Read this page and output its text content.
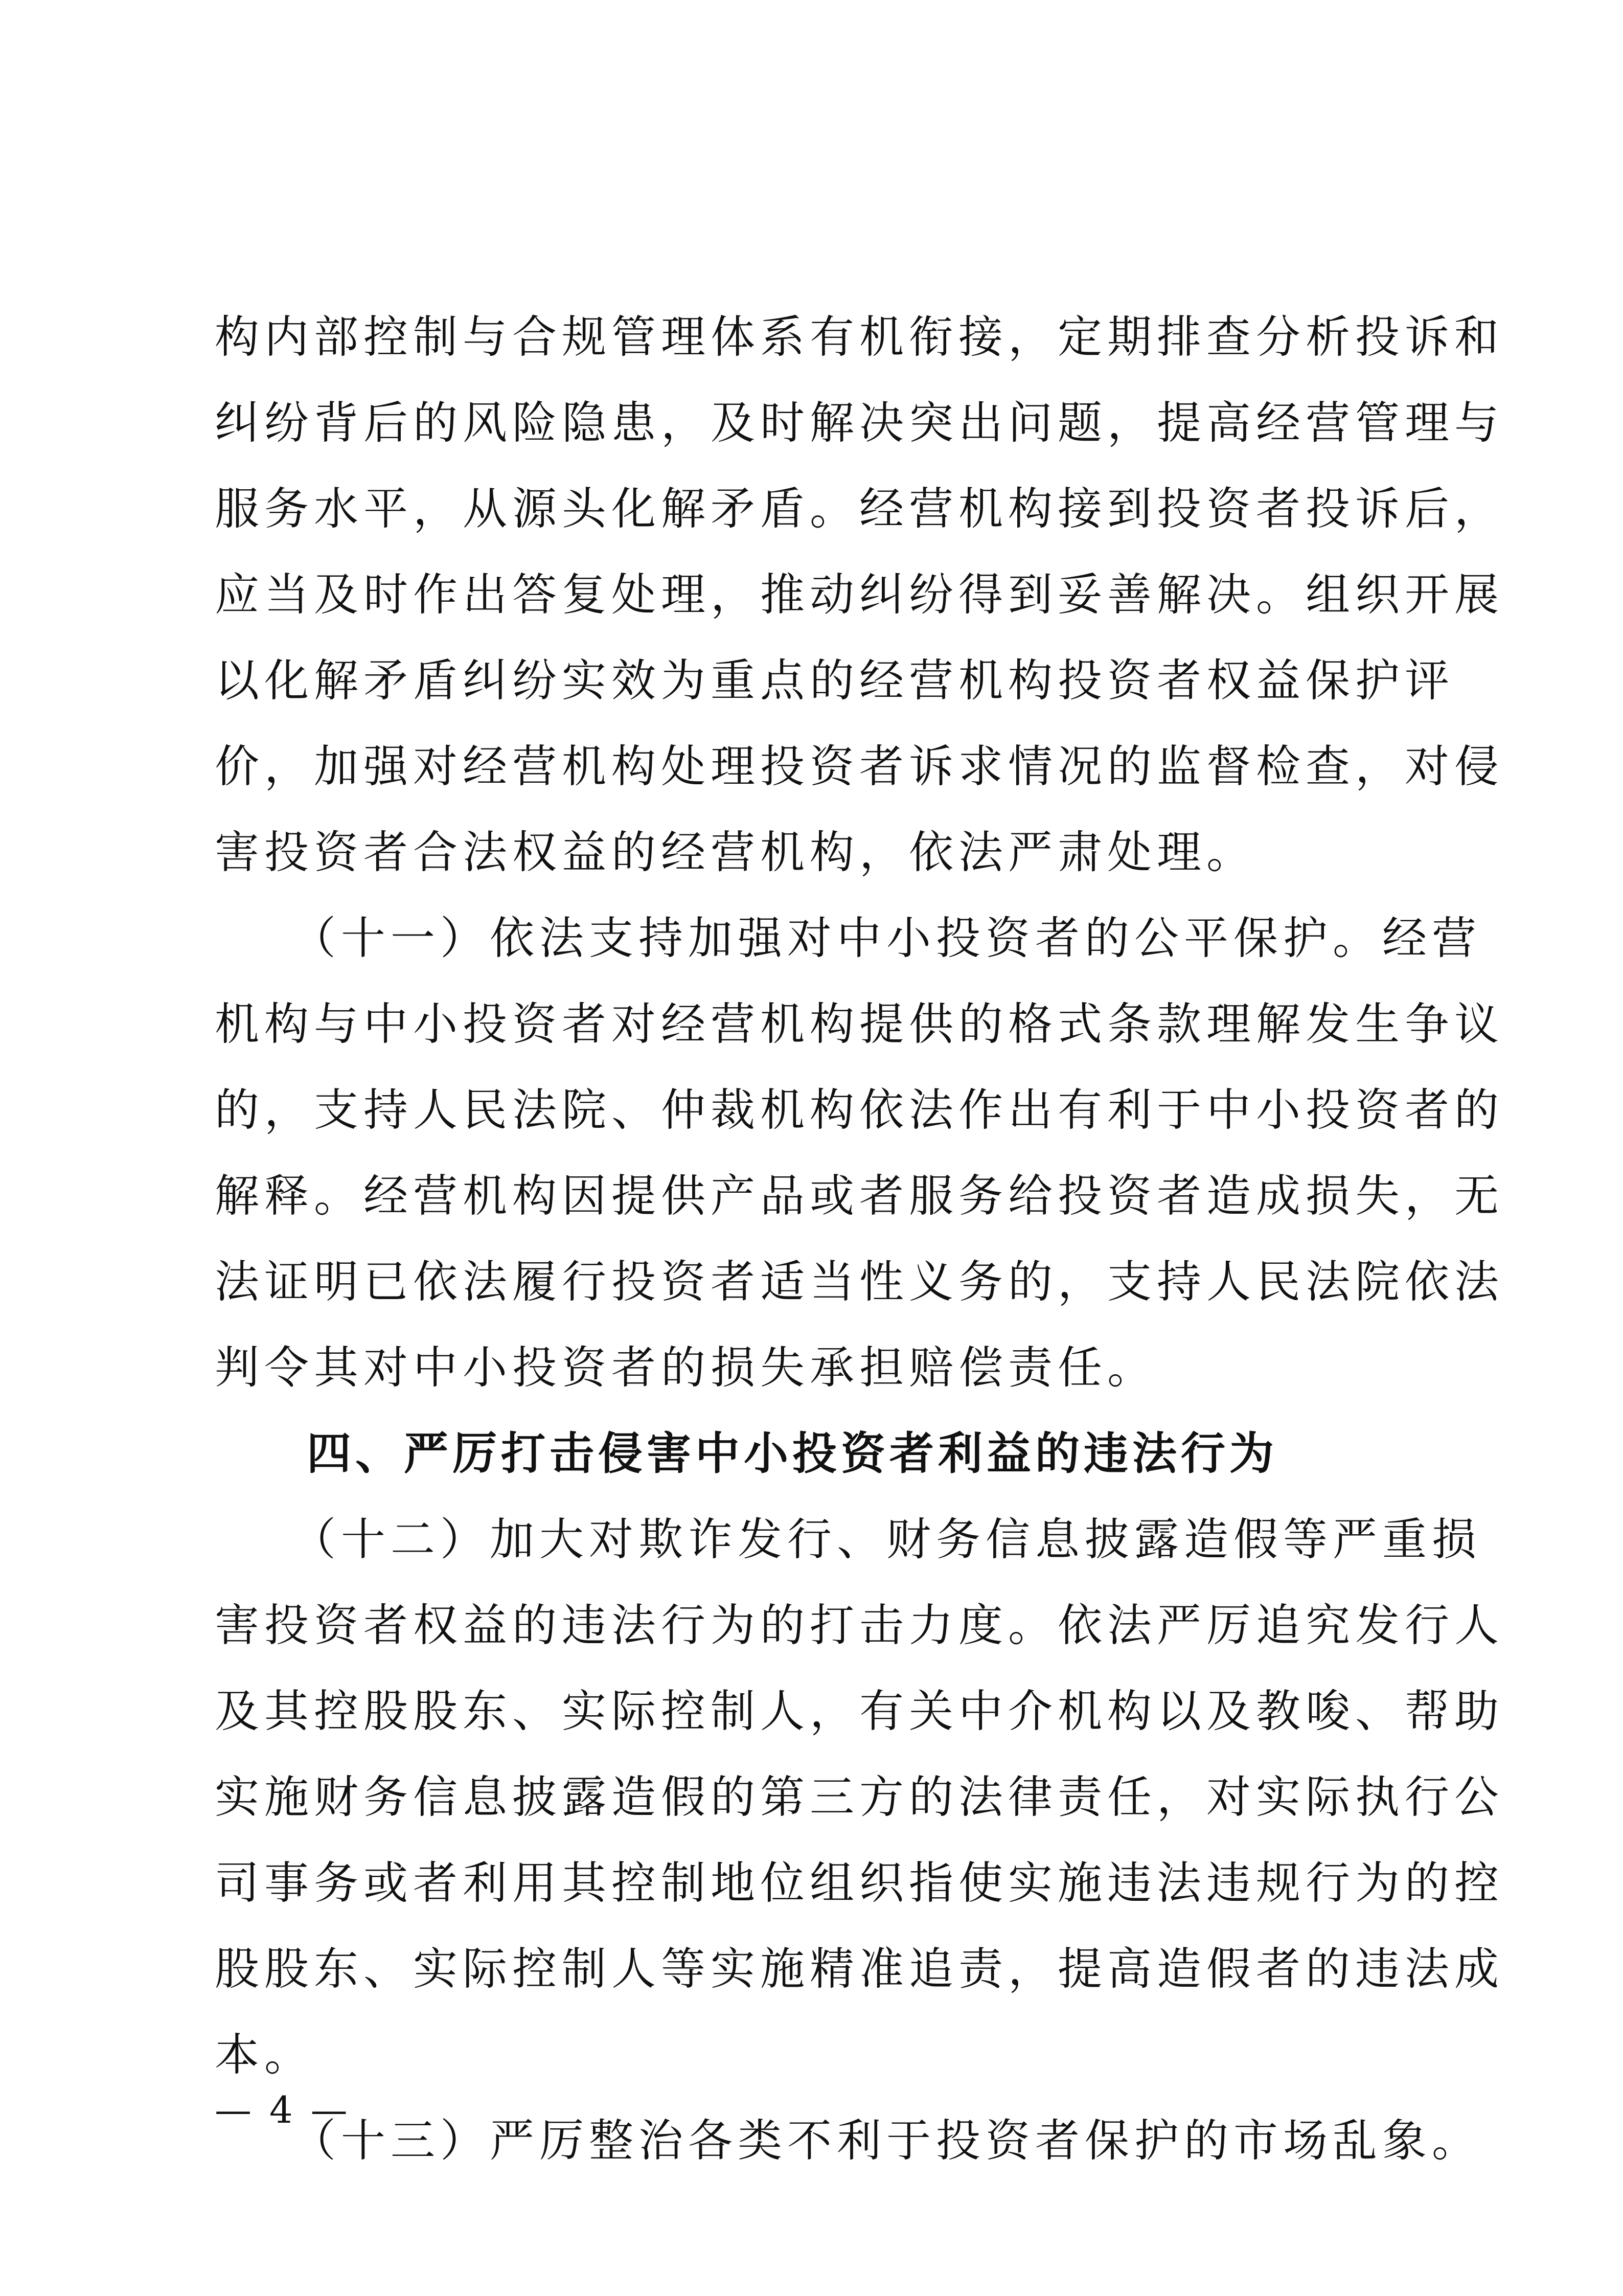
构内部控制与合规管理体系有机衔接，定期排查分析投诉和
纠纷背后的风险隐患，及时解决突出问题，提高经营管理与
服务水平，从源头化解矛盾。经营机构接到投资者投诉后，
应当及时作出答复处理，推动纠纷得到妥善解决。组织开展
以化解矛盾纠纷实效为重点的经营机构投资者权益保护评
价，加强对经营机构处理投资者诉求情况的监督检查，对侵
害投资者合法权益的经营机构，依法严肃处理。
（十一）依法支持加强对中小投资者的公平保护。经营
机构与中小投资者对经营机构提供的格式条款理解发生争议
的，支持人民法院、仲裁机构依法作出有利于中小投资者的
解释。经营机构因提供产品或者服务给投资者造成损失，无
法证明已依法履行投资者适当性义务的，支持人民法院依法
判令其对中小投资者的损失承担赔偿责任。
四、严厉打击侵害中小投资者利益的违法行为
（十二）加大对欺诈发行、财务信息披露造假等严重损
害投资者权益的违法行为的打击力度。依法严厉追究发行人
及其控股股东、实际控制人，有关中介机构以及教唆、帮助
实施财务信息披露造假的第三方的法律责任，对实际执行公
司事务或者利用其控制地位组织指使实施违法违规行为的控
股股东、实际控制人等实施精准追责，提高造假者的违法成
本。
（十三）严厉整治各类不利于投资者保护的市场乱象。
— 4 —
